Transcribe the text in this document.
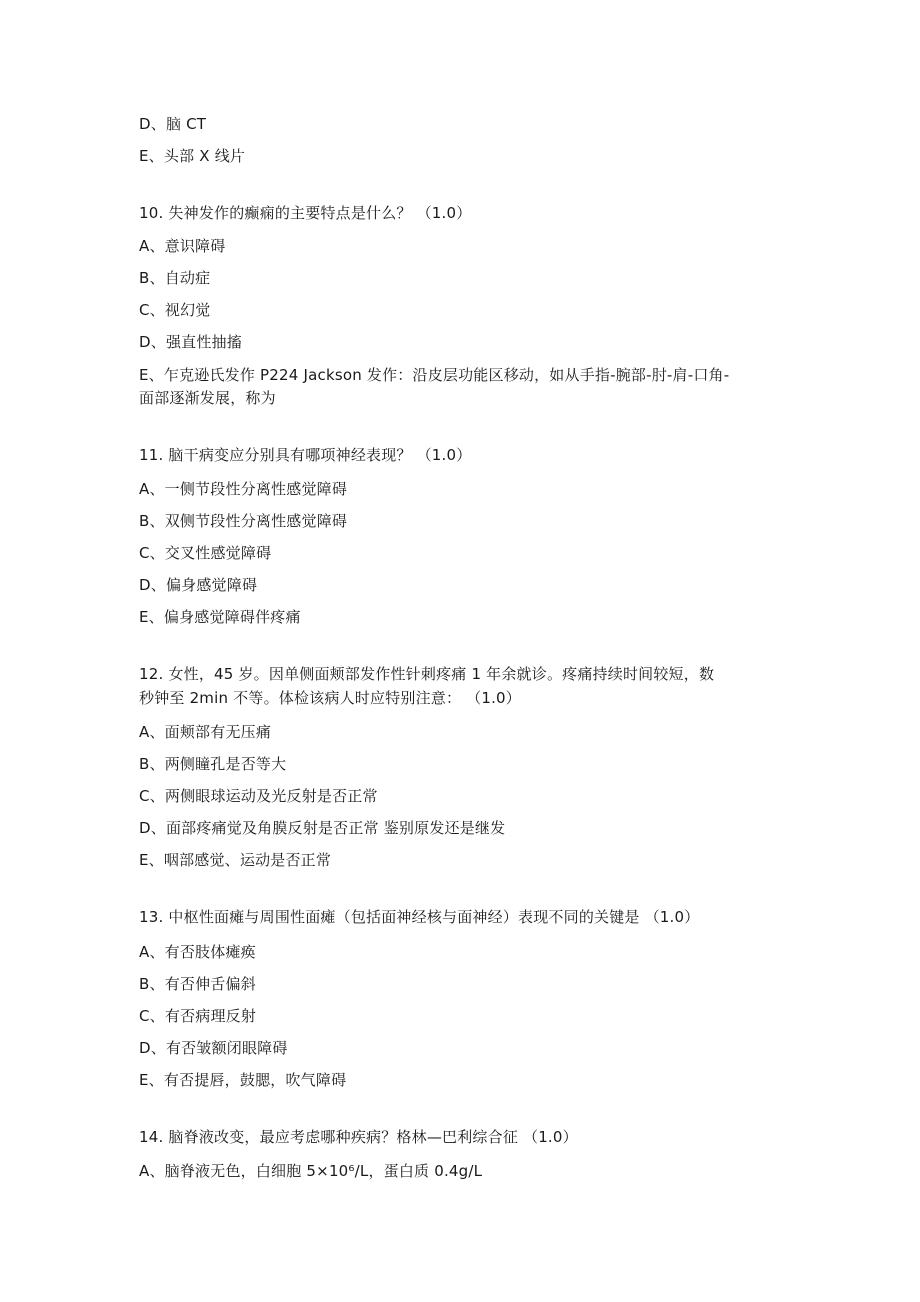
D、脑 CT
E、头部 X 线片
10. 失神发作的癫痫的主要特点是什么？ （1.0）
A、意识障碍
B、自动症
C、视幻觉
D、强直性抽搐
E、乍克逊氏发作 P224 Jackson 发作：沿皮层功能区移动，如从手指-腕部-肘-肩-口角-
面部逐渐发展，称为
11. 脑干病变应分别具有哪项神经表现？ （1.0）
A、一侧节段性分离性感觉障碍
B、双侧节段性分离性感觉障碍
C、交叉性感觉障碍
D、偏身感觉障碍
E、偏身感觉障碍伴疼痛
12. 女性，45 岁。因单侧面颊部发作性针刺疼痛 1 年余就诊。疼痛持续时间较短，数
秒钟至 2min 不等。体检该病人时应特别注意： （1.0）
A、面颊部有无压痛
B、两侧瞳孔是否等大
C、两侧眼球运动及光反射是否正常
D、面部疼痛觉及角膜反射是否正常 鉴别原发还是继发
E、咽部感觉、运动是否正常
13. 中枢性面瘫与周围性面瘫（包括面神经核与面神经）表现不同的关键是 （1.0）
A、有否肢体瘫痪
B、有否伸舌偏斜
C、有否病理反射
D、有否皱额闭眼障碍
E、有否提唇，鼓腮，吹气障碍
14. 脑脊液改变，最应考虑哪种疾病？格林—巴利综合征 （1.0）
A、脑脊液无色，白细胞 5×10⁶/L，蛋白质 0.4g/L
